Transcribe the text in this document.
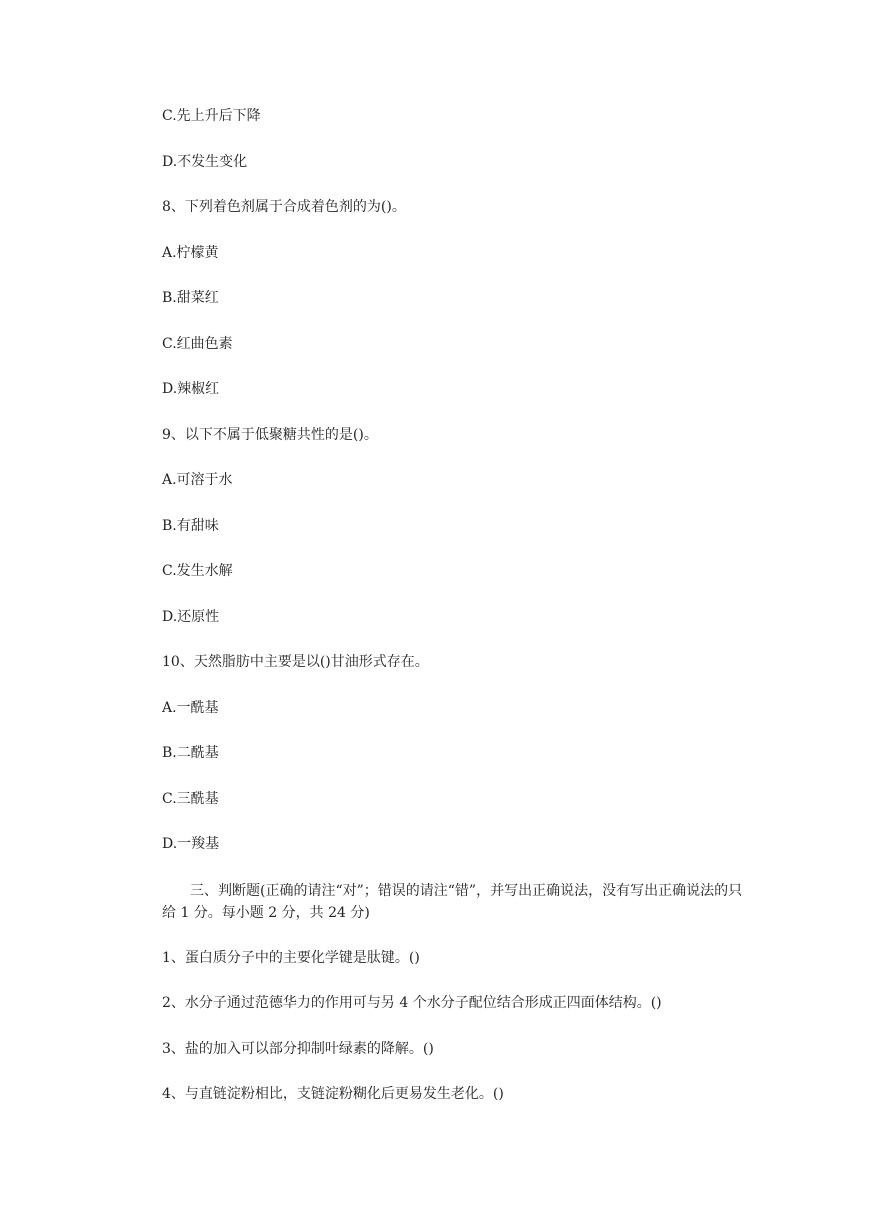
C.先上升后下降

D.不发生变化

8、下列着色剂属于合成着色剂的为()。

A.柠檬黄

B.甜菜红

C.红曲色素

D.辣椒红

9、以下不属于低聚糖共性的是()。

A.可溶于水

B.有甜味

C.发生水解

D.还原性

10、天然脂肪中主要是以()甘油形式存在。

A.一酰基

B.二酰基

C.三酰基

D.一羧基

三、判断题(正确的请注“对”；错误的请注“错”，并写出正确说法，没有写出正确说法的只给 1 分。每小题 2 分，共 24 分)

1、蛋白质分子中的主要化学键是肽键。()

2、水分子通过范德华力的作用可与另 4 个水分子配位结合形成正四面体结构。()

3、盐的加入可以部分抑制叶绿素的降解。()

4、与直链淀粉相比，支链淀粉糊化后更易发生老化。()
